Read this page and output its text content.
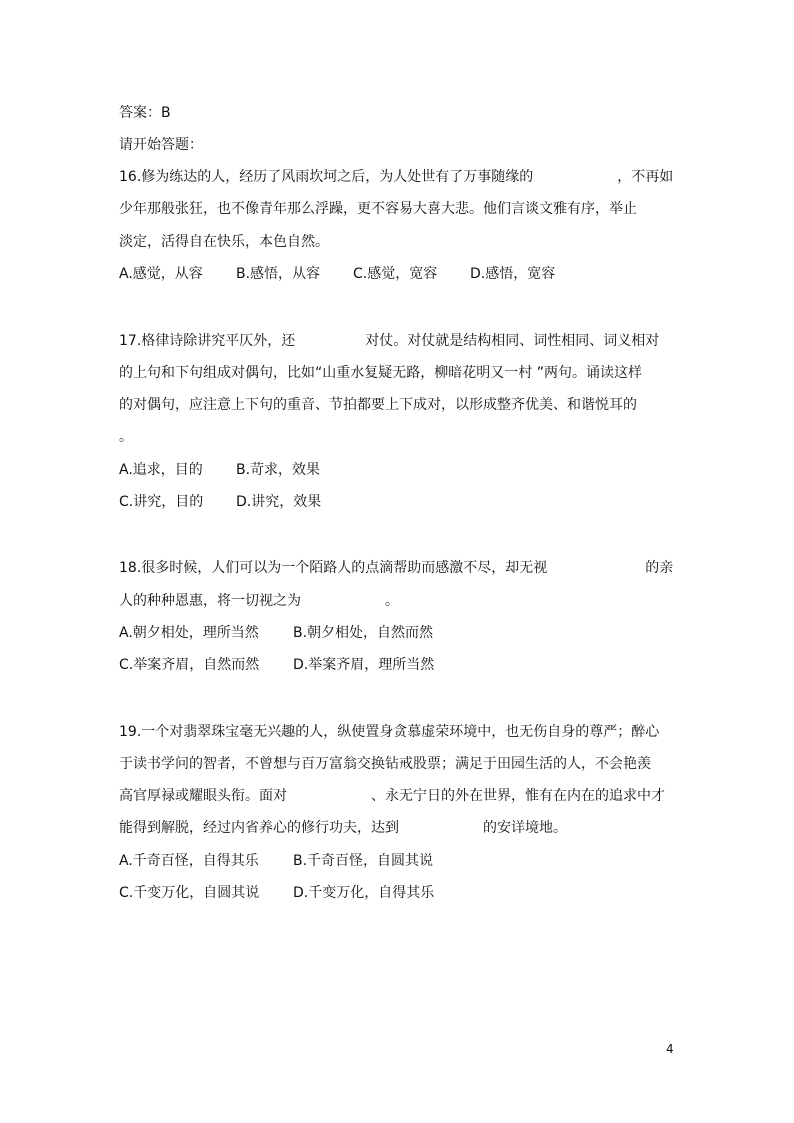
答案：B
请开始答题：
16.修为练达的人，经历了风雨坎坷之后，为人处世有了万事随缘的　　　　　　，不再如
少年那般张狂，也不像青年那么浮躁，更不容易大喜大悲。他们言谈文雅有序，举止
淡定，活得自在快乐，本色自然。
A.感觉，从容 B.感悟，从容 C.感觉，宽容 D.感悟，宽容
17.格律诗除讲究平仄外，还　　　　　对仗。对仗就是结构相同、词性相同、词义相对
的上句和下句组成对偶句，比如“山重水复疑无路，柳暗花明又一村 ”两句。诵读这样
的对偶句，应注意上下句的重音、节拍都要上下成对，以形成整齐优美、和谐悦耳的
。
A.追求，目的 B.苛求，效果
C.讲究，目的 D.讲究，效果
18.很多时候，人们可以为一个陌路人的点滴帮助而感激不尽，却无视　　　　　　　的亲
人的种种恩惠，将一切视之为　　　　　　。
A.朝夕相处，理所当然 B.朝夕相处，自然而然
C.举案齐眉，自然而然 D.举案齐眉，理所当然
19.一个对翡翠珠宝毫无兴趣的人，纵使置身贪慕虚荣环境中，也无伤自身的尊严；醉心
于读书学问的智者，不曾想与百万富翁交换钻戒股票；满足于田园生活的人，不会艳羡
高官厚禄或耀眼头衔。面对　　　　　　、永无宁日的外在世界，惟有在内在的追求中才
能得到解脱，经过内省养心的修行功夫，达到　　　　　　的安详境地。
A.千奇百怪，自得其乐 B.千奇百怪，自圆其说
C.千变万化，自圆其说 D.千变万化，自得其乐
4
